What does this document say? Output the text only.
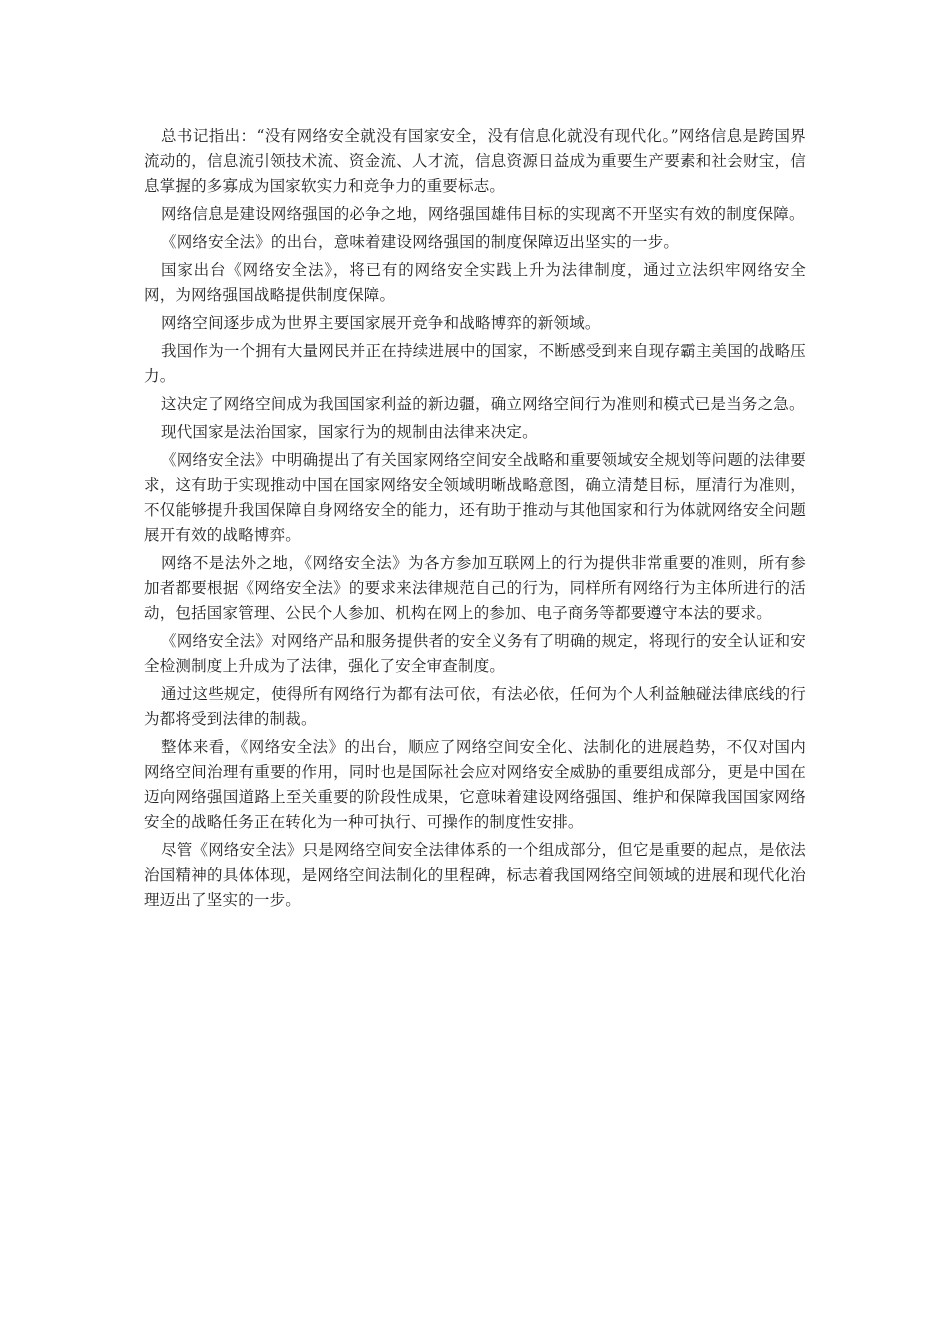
总书记指出：“没有网络安全就没有国家安全，没有信息化就没有现代化。”网络信息是跨国界流动的，信息流引领技术流、资金流、人才流，信息资源日益成为重要生产要素和社会财宝，信息掌握的多寡成为国家软实力和竞争力的重要标志。

网络信息是建设网络强国的必争之地，网络强国雄伟目标的实现离不开坚实有效的制度保障。

《网络安全法》的出台，意味着建设网络强国的制度保障迈出坚实的一步。

国家出台《网络安全法》，将已有的网络安全实践上升为法律制度，通过立法织牢网络安全网，为网络强国战略提供制度保障。

网络空间逐步成为世界主要国家展开竞争和战略博弈的新领域。

我国作为一个拥有大量网民并正在持续进展中的国家，不断感受到来自现存霸主美国的战略压力。

这决定了网络空间成为我国国家利益的新边疆，确立网络空间行为准则和模式已是当务之急。

现代国家是法治国家，国家行为的规制由法律来决定。

《网络安全法》中明确提出了有关国家网络空间安全战略和重要领域安全规划等问题的法律要求，这有助于实现推动中国在国家网络安全领域明晰战略意图，确立清楚目标，厘清行为准则，不仅能够提升我国保障自身网络安全的能力，还有助于推动与其他国家和行为体就网络安全问题展开有效的战略博弈。

网络不是法外之地，《网络安全法》为各方参加互联网上的行为提供非常重要的准则，所有参加者都要根据《网络安全法》的要求来法律规范自己的行为，同样所有网络行为主体所进行的活动，包括国家管理、公民个人参加、机构在网上的参加、电子商务等都要遵守本法的要求。

《网络安全法》对网络产品和服务提供者的安全义务有了明确的规定，将现行的安全认证和安全检测制度上升成为了法律，强化了安全审查制度。

通过这些规定，使得所有网络行为都有法可依，有法必依，任何为个人利益触碰法律底线的行为都将受到法律的制裁。

整体来看，《网络安全法》的出台，顺应了网络空间安全化、法制化的进展趋势，不仅对国内网络空间治理有重要的作用，同时也是国际社会应对网络安全威胁的重要组成部分，更是中国在迈向网络强国道路上至关重要的阶段性成果，它意味着建设网络强国、维护和保障我国国家网络安全的战略任务正在转化为一种可执行、可操作的制度性安排。

尽管《网络安全法》只是网络空间安全法律体系的一个组成部分，但它是重要的起点，是依法治国精神的具体体现，是网络空间法制化的里程碑，标志着我国网络空间领域的进展和现代化治理迈出了坚实的一步。
